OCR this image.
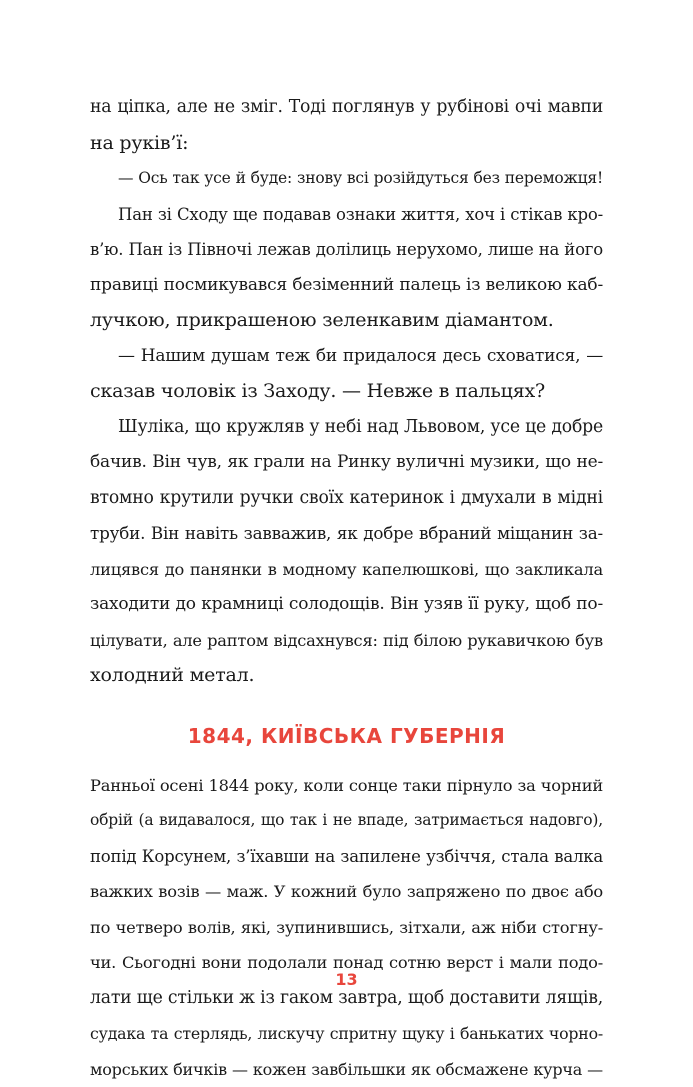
на ціпка, але не зміг. Тоді поглянув у рубінові очі мавпи
на руків’ї:
— Ось так усе й буде: знову всі розійдуться без переможця!
Пан зі Сходу ще подавав ознаки життя, хоч і стікав кро-
в’ю. Пан із Півночі лежав долілиць нерухомо, лише на його
правиці посмикувався безіменний палець із великою каб-
лучкою, прикрашеною зеленкавим діамантом.
— Нашим душам теж би придалося десь сховатися, —
сказав чоловік із Заходу. — Невже в пальцях?
Шуліка, що кружляв у небі над Львовом, усе це добре
бачив. Він чув, як грали на Ринку вуличні музики, що не-
втомно крутили ручки своїх катеринок і дмухали в мідні
труби. Він навіть завважив, як добре вбраний міщанин за-
лицявся до панянки в модному капелюшкові, що закликала
заходити до крамниці солодощів. Він узяв її руку, щоб по-
цілувати, але раптом відсахнувся: під білою рукавичкою був
холодний метал.
1844, КИЇВСЬКА ГУБЕРНІЯ
Ранньої осені 1844 року, коли сонце таки пірнуло за чорний
обрій (а видавалося, що так і не впаде, затримається надовго),
попід Корсунем, з’їхавши на запилене узбіччя, стала валка
важких возів — маж. У кожний було запряжено по двоє або
по четверо волів, які, зупинившись, зітхали, аж ніби стогну-
чи. Сьогодні вони подолали понад сотню верст і мали подо-
лати ще стільки ж із гаком завтра, щоб доставити лящів,
судака та стерлядь, лискучу спритну щуку і банькатих чорно-
морських бичків — кожен завбільшки як обсмажене курча —
13
